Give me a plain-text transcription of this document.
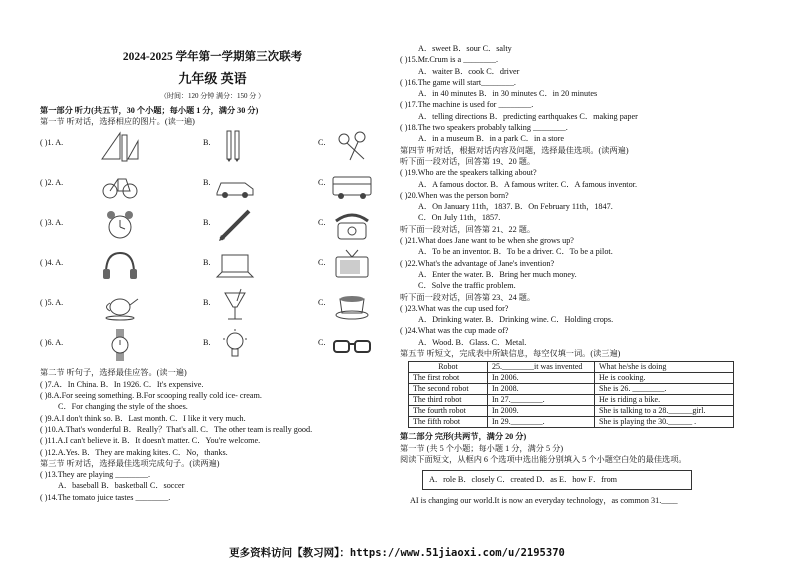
2024-2025 学年第一学期第三次联考
九年级 英语
（时间：120 分钟 满分：150 分 ）
第一部分 听力(共五节，30 个小题；每小题 1 分，满分 30 分)
第一节 听对话，选择相应的图片。(读一遍)
( )1. A.	B.	C.
( )2. A.	B.	C.
( )3. A.	B.	C.
( )4. A.	B.	C.
( )5. A.	B.	C.
( )6. A.	B.	C.
第二节 听句子，选择最佳应答。(读一遍)
( )7.A．In China. B．In 1926. C．It's expensive.
( )8.A.For seeing something. B.For scooping really cold ice- cream.
C．For changing the style of the shoes.
( )9.A.I don't think so. B．Last month. C．I like it very much.
( )10.A.That's wonderful B．Really？That's all. C．The other team is really good.
( )11.A.I can't believe it. B．It doesn't matter. C．You're welcome.
( )12.A.Yes. B．They are making kites. C．No，thanks.
第三节 听对话，选择最佳选项完成句子。(读两遍)
( )13.They are playing ________.
A．baseball B．basketball C．soccer
( )14.The tomato juice tastes ________.
A．sweet B．sour C．salty
( )15.Mr.Crum is a ________.
A．waiter B．cook C．driver
( )16.The game will start________.
A．in 40 minutes B．in 30 minutes C．in 20 minutes
( )17.The machine is used for ________.
A．telling directions B．predicting earthquakes C．making paper
( )18.The two speakers probably talking ________.
A．in a museum B．in a park C．in a store
第四节 听对话，根据对话内容及问题，选择最佳选项。(读两遍)
听下面一段对话，回答第 19、20 题。
( )19.Who are the speakers talking about?
A．A famous doctor. B．A famous writer. C．A famous inventor.
( )20.When was the person born?
A．On January 11th，1837. B．On February 11th，1847.
C．On July 11th，1857.
听下面一段对话，回答第 21、22 题。
( )21.What does Jane want to be when she grows up?
A．To be an inventor. B．To be a driver. C．To be a pilot.
( )22.What's the advantage of Jane's invention?
A．Enter the water. B．Bring her much money.
C．Solve the traffic problem.
听下面一段对话，回答第 23、24 题。
( )23.What was the cup used for?
A．Drinking water. B．Drinking wine. C．Holding crops.
( )24.What was the cup made of?
A．Wood. B．Glass. C．Metal.
第五节 听短文，完成表中所缺信息，每空仅填一词。(读三遍)
Robot	25.________it was invented	What he/she is doing
The first robot	In 2006.	He is cooking.
The second robot	In 2008.	She is 26. ________.
The third robot	In 27.________.	He is riding a bike.
The fourth robot	In 2009.	She is talking to a 28.______girl.
The fifth robot	In 29.________.	She is playing the 30.______ .
第二部分 完形(共两节，满分 20 分)
第一节 (共 5 个小题；每小题 1 分，满分 5 分)
阅读下面短文，从框内 6 个选项中选出能分别填入 5 个小题空白处的最佳选项。
A．role B．closely C．created D．as E．how F．from
AI is changing our world.It is now an everyday technology，as common 31.____
更多资料访问【教习网】：https://www.51jiaoxi.com/u/2195370
